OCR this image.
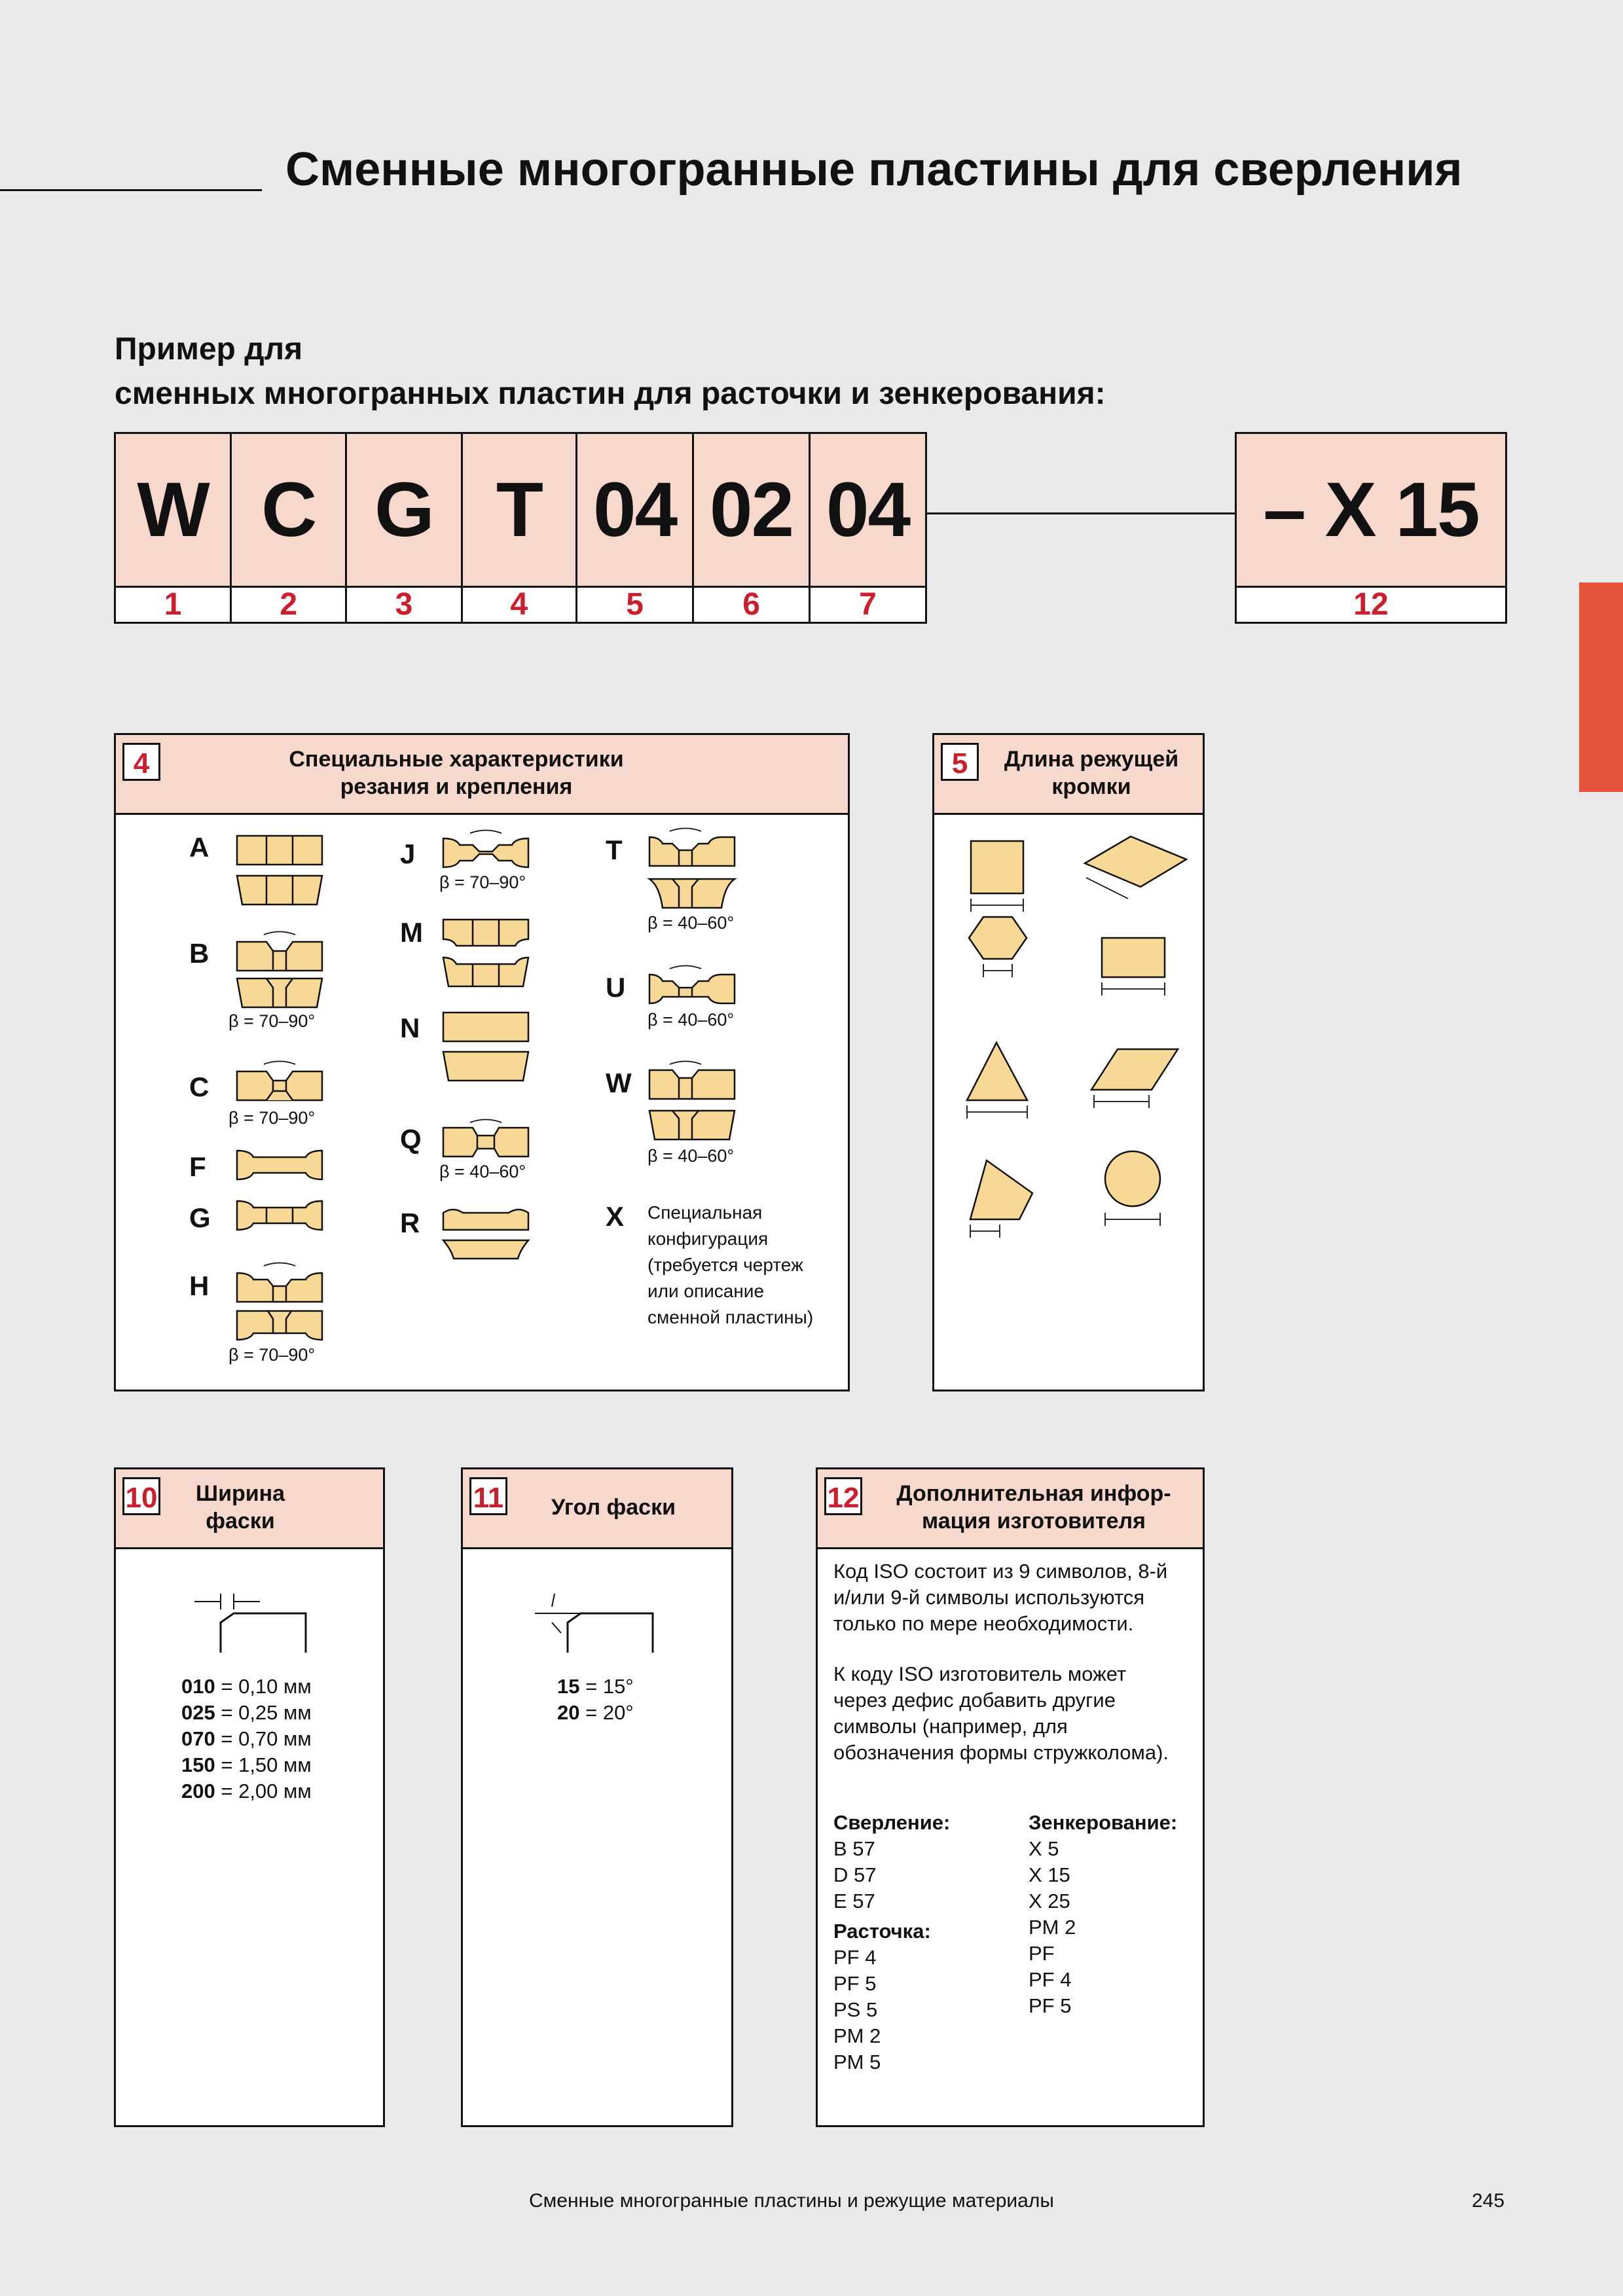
Сменные многогранные пластины для сверления
Пример для
сменных многогранных пластин для расточки и зенкерования:
W	C	G	T	04	02	04
1	2	3	4	5	6	7
– X 15
12
4	Специальные характеристики
резания и крепления
A
B
C
F
G
H
J
M
N
Q
R
T
U
W
X
β = 70–90°
β = 70–90°
β = 70–90°
β = 70–90°
β = 40–60°
β = 40–60°
β = 40–60°
β = 40–60°
Специальная
конфигурация
(требуется чертеж
или описание
сменной пластины)
5	Длина режущей
кромки
10	Ширина
фаски
010 = 0,10 мм
025 = 0,25 мм
070 = 0,70 мм
150 = 1,50 мм
200 = 2,00 мм
11	Угол фаски
15 = 15°
20 = 20°
12	Дополнительная инфор-
мация изготовителя
Код ISO состоит из 9 символов, 8-й
и/или 9-й символы используются
только по мере необходимости.
К коду ISO изготовитель может
через дефис добавить другие
символы (например, для
обозначения формы стружколома).
Сверление:
B 57
D 57
E 57
Расточка:
PF 4
PF 5
PS 5
PM 2
PM 5
Зенкерование:
X 5
X 15
X 25
PM 2
PF
PF 4
PF 5
Сменные многогранные пластины и режущие материалы	245
